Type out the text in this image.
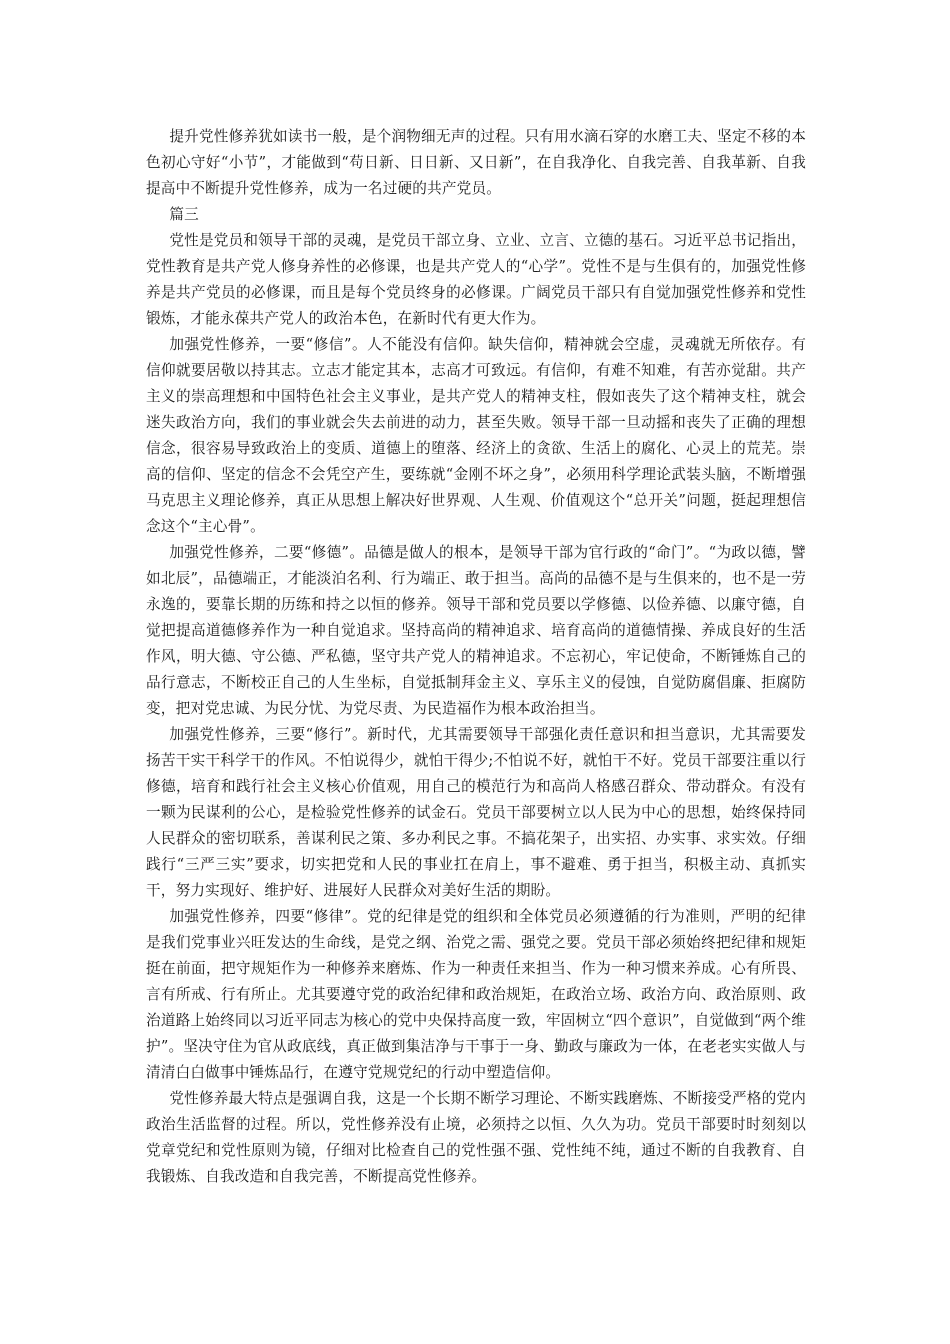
提升党性修养犹如读书一般，是个润物细无声的过程。只有用水滴石穿的水磨工夫、坚定不移的本色初心守好“小节”，才能做到“苟日新、日日新、又日新”，在自我净化、自我完善、自我革新、自我提高中不断提升党性修养，成为一名过硬的共产党员。

篇三

党性是党员和领导干部的灵魂，是党员干部立身、立业、立言、立德的基石。习近平总书记指出，党性教育是共产党人修身养性的必修课，也是共产党人的“心学”。党性不是与生俱有的，加强党性修养是共产党员的必修课，而且是每个党员终身的必修课。广阔党员干部只有自觉加强党性修养和党性锻炼，才能永葆共产党人的政治本色，在新时代有更大作为。

加强党性修养，一要“修信”。人不能没有信仰。缺失信仰，精神就会空虚，灵魂就无所依存。有信仰就要居敬以持其志。立志才能定其本，志高才可致远。有信仰，有难不知难，有苦亦觉甜。共产主义的崇高理想和中国特色社会主义事业，是共产党人的精神支柱，假如丧失了这个精神支柱，就会迷失政治方向，我们的事业就会失去前进的动力，甚至失败。领导干部一旦动摇和丧失了正确的理想信念，很容易导致政治上的变质、道德上的堕落、经济上的贪欲、生活上的腐化、心灵上的荒芜。崇高的信仰、坚定的信念不会凭空产生，要练就“金刚不坏之身”，必须用科学理论武装头脑，不断增强马克思主义理论修养，真正从思想上解决好世界观、人生观、价值观这个“总开关”问题，挺起理想信念这个“主心骨”。

加强党性修养，二要“修德”。品德是做人的根本，是领导干部为官行政的“命门”。“为政以德，譬如北辰”，品德端正，才能淡泊名利、行为端正、敢于担当。高尚的品德不是与生俱来的，也不是一劳永逸的，要靠长期的历练和持之以恒的修养。领导干部和党员要以学修德、以俭养德、以廉守德，自觉把提高道德修养作为一种自觉追求。坚持高尚的精神追求、培育高尚的道德情操、养成良好的生活作风，明大德、守公德、严私德，坚守共产党人的精神追求。不忘初心，牢记使命，不断锤炼自己的品行意志，不断校正自己的人生坐标，自觉抵制拜金主义、享乐主义的侵蚀，自觉防腐倡廉、拒腐防变，把对党忠诚、为民分忧、为党尽责、为民造福作为根本政治担当。

加强党性修养，三要“修行”。新时代，尤其需要领导干部强化责任意识和担当意识，尤其需要发扬苦干实干科学干的作风。不怕说得少，就怕干得少;不怕说不好，就怕干不好。党员干部要注重以行修德，培育和践行社会主义核心价值观，用自己的模范行为和高尚人格感召群众、带动群众。有没有一颗为民谋利的公心，是检验党性修养的试金石。党员干部要树立以人民为中心的思想，始终保持同人民群众的密切联系，善谋利民之策、多办利民之事。不搞花架子，出实招、办实事、求实效。仔细践行“三严三实”要求，切实把党和人民的事业扛在肩上，事不避难、勇于担当，积极主动、真抓实干，努力实现好、维护好、进展好人民群众对美好生活的期盼。

加强党性修养，四要“修律”。党的纪律是党的组织和全体党员必须遵循的行为准则，严明的纪律是我们党事业兴旺发达的生命线，是党之纲、治党之需、强党之要。党员干部必须始终把纪律和规矩挺在前面，把守规矩作为一种修养来磨炼、作为一种责任来担当、作为一种习惯来养成。心有所畏、言有所戒、行有所止。尤其要遵守党的政治纪律和政治规矩，在政治立场、政治方向、政治原则、政治道路上始终同以习近平同志为核心的党中央保持高度一致，牢固树立“四个意识”，自觉做到“两个维护”。坚决守住为官从政底线，真正做到集洁净与干事于一身、勤政与廉政为一体，在老老实实做人与清清白白做事中锤炼品行，在遵守党规党纪的行动中塑造信仰。

党性修养最大特点是强调自我，这是一个长期不断学习理论、不断实践磨炼、不断接受严格的党内政治生活监督的过程。所以，党性修养没有止境，必须持之以恒、久久为功。党员干部要时时刻刻以党章党纪和党性原则为镜，仔细对比检查自己的党性强不强、党性纯不纯，通过不断的自我教育、自我锻炼、自我改造和自我完善，不断提高党性修养。
